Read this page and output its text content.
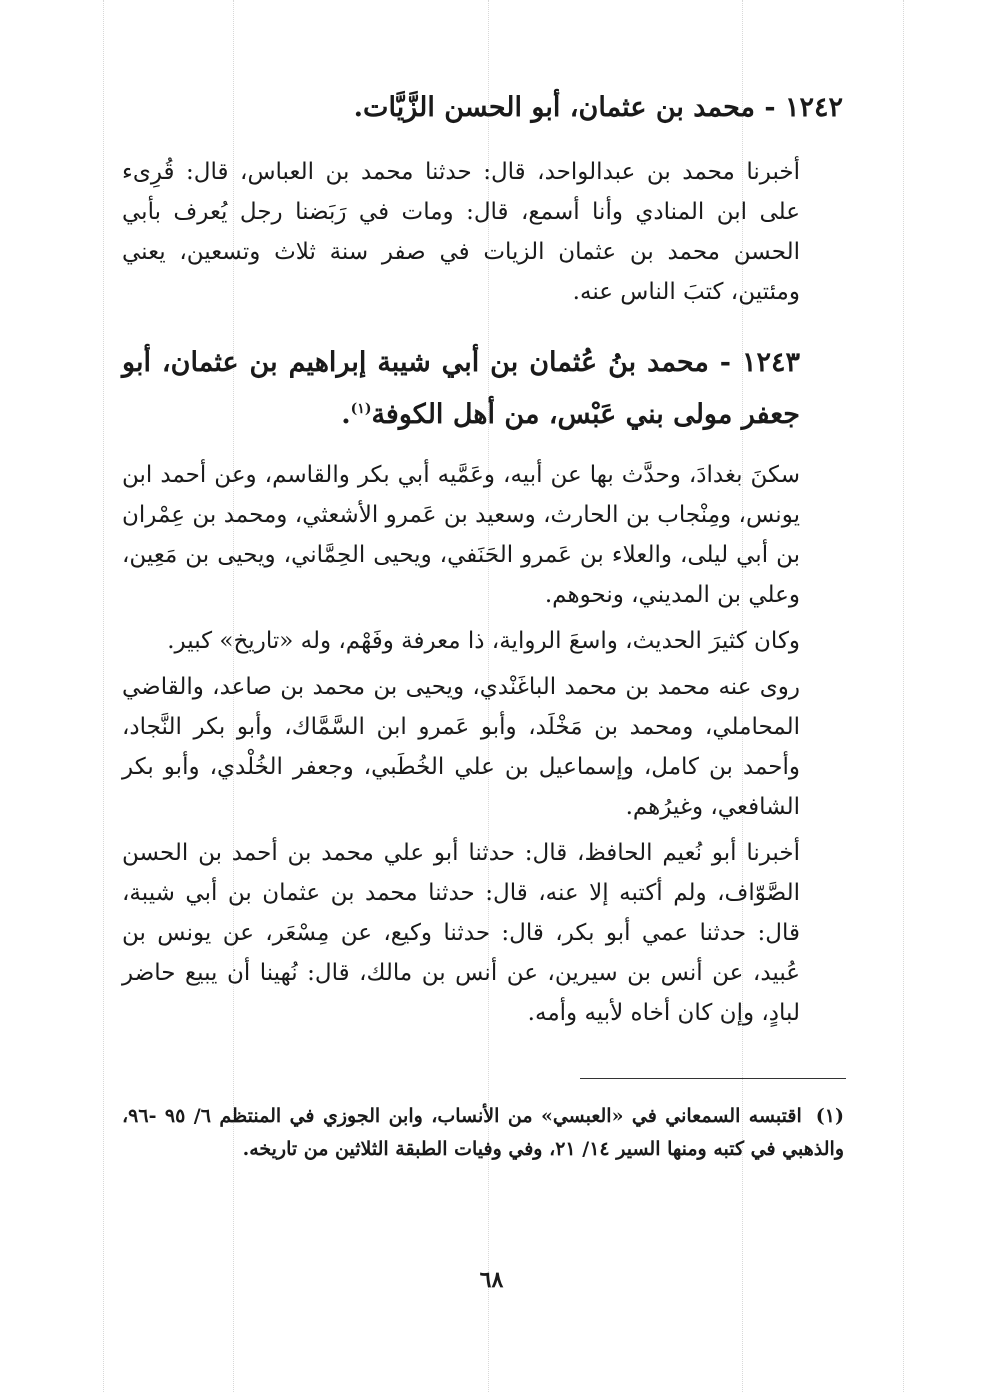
١٢٤٢ - محمد بن عثمان، أبو الحسن الزَّيَّات.

أخبرنا محمد بن عبدالواحد، قال: حدثنا محمد بن العباس، قال: قُرِىء على ابن المنادي وأنا أسمع، قال: ومات في رَبَضنا رجل يُعرف بأبي الحسن محمد بن عثمان الزيات في صفر سنة ثلاث وتسعين، يعني ومئتين، كتبَ الناس عنه.

١٢٤٣ - محمد بنُ عُثمان بن أبي شيبة إبراهيم بن عثمان، أبو جعفر مولى بني عَبْس، من أهل الكوفة$^{(١)}$.

سكنَ بغدادَ، وحدَّث بها عن أبيه، وعَمَّيه أبي بكر والقاسم، وعن أحمد ابن يونس، ومِنْجاب بن الحارث، وسعيد بن عَمرو الأشعثي، ومحمد بن عِمْران بن أبي ليلى، والعلاء بن عَمرو الحَنَفي، ويحيى الحِمَّاني، ويحيى بن مَعِين، وعلي بن المديني، ونحوهم.

وكان كثيرَ الحديث، واسعَ الرواية، ذا معرفة وفَهْم، وله «تاريخ» كبير.

روى عنه محمد بن محمد الباغَنْدي، ويحيى بن محمد بن صاعد، والقاضي المحاملي، ومحمد بن مَخْلَد، وأبو عَمرو ابن السَّمَّاك، وأبو بكر النَّجاد، وأحمد بن كامل، وإسماعيل بن علي الخُطَبي، وجعفر الخُلْدي، وأبو بكر الشافعي، وغيرُهم.

أخبرنا أبو نُعيم الحافظ، قال: حدثنا أبو علي محمد بن أحمد بن الحسن الصَّوّاف، ولم أكتبه إلا عنه، قال: حدثنا محمد بن عثمان بن أبي شيبة، قال: حدثنا عمي أبو بكر، قال: حدثنا وكيع، عن مِسْعَر، عن يونس بن عُبيد، عن أنس بن سيرين، عن أنس بن مالك، قال: نُهينا أن يبيع حاضر لبادٍ، وإن كان أخاه لأبيه وأمه.

(١)اقتبسه السمعاني في «العبسي» من الأنساب، وابن الجوزي في المنتظم ٦/ ٩٥ -٩٦، والذهبي في كتبه ومنها السير ١٤/ ٢١، وفي وفيات الطبقة الثلاثين من تاريخه.
٦٨
